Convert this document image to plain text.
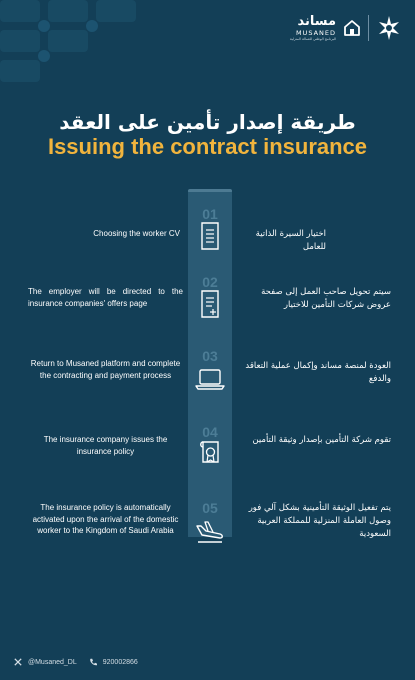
مساند
MUSANED
البرنامج الوطني للعمالة المنزلية
طريقة إصدار تأمين على العقد
Issuing the contract insurance
01
Choosing the worker CV	اختيار السيرة الذاتية للعامل
02
The employer will be directed to the insurance companies' offers page
سيتم تحويل صاحب العمل إلى صفحة عروض شركات التأمين للاختيار
03
Return to Musaned platform and complete the contracting and payment process
العودة لمنصة مساند وإكمال عملية التعاقد والدفع
04
The insurance company issues the insurance policy
تقوم شركة التأمين بإصدار وثيقة التأمين
05
The insurance policy is automatically activated upon the arrival of the domestic worker to the Kingdom of Saudi Arabia
يتم تفعيل الوثيقة التأمينية بشكل آلي فور وصول العاملة المنزلية للمملكة العربية السعودية
@Musaned_DL	920002866
